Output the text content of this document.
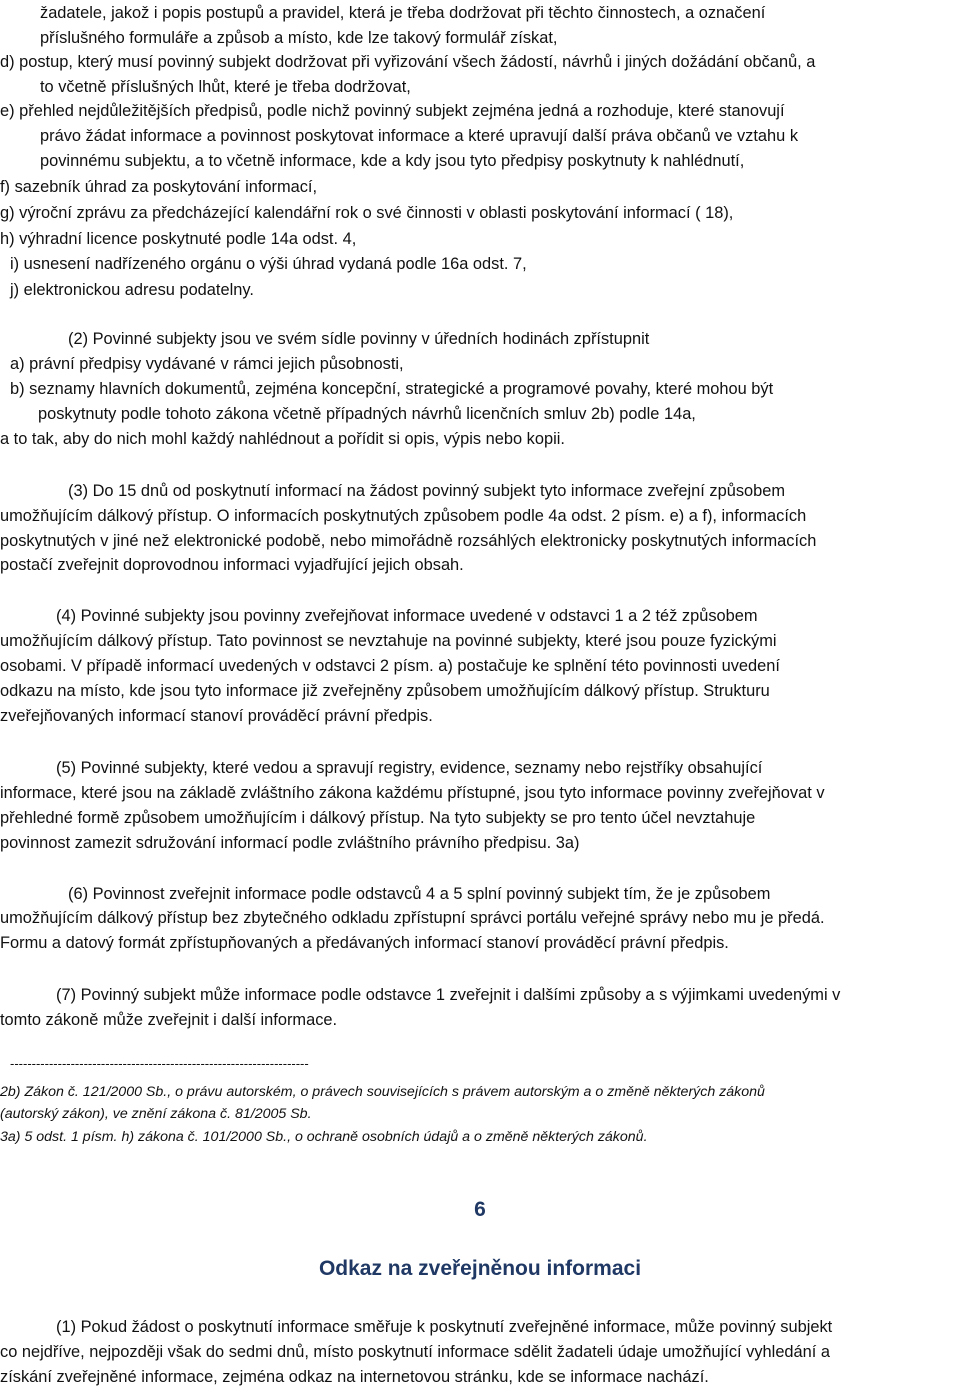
žadatele, jakož i popis postupů a pravidel, která je třeba dodržovat při těchto činnostech, a označení
příslušného formuláře a způsob a místo, kde lze takový formulář získat,
d) postup, který musí povinný subjekt dodržovat při vyřizování všech žádostí, návrhů i jiných dožádání občanů, a
to včetně příslušných lhůt, které je třeba dodržovat,
e) přehled nejdůležitějších předpisů, podle nichž povinný subjekt zejména jedná a rozhoduje, které stanovují
právo žádat informace a povinnost poskytovat informace a které upravují další práva občanů ve vztahu k
povinnému subjektu, a to včetně informace, kde a kdy jsou tyto předpisy poskytnuty k nahlédnutí,
f) sazebník úhrad za poskytování informací,
g) výroční zprávu za předcházející kalendářní rok o své činnosti v oblasti poskytování informací ( 18),
h) výhradní licence poskytnuté podle 14a odst. 4,
i) usnesení nadřízeného orgánu o výši úhrad vydaná podle 16a odst. 7,
j) elektronickou adresu podatelny.
(2) Povinné subjekty jsou ve svém sídle povinny v úředních hodinách zpřístupnit
a) právní předpisy vydávané v rámci jejich působnosti,
b) seznamy hlavních dokumentů, zejména koncepční, strategické a programové povahy, které mohou být
poskytnuty podle tohoto zákona včetně případných návrhů licenčních smluv 2b) podle 14a,
a to tak, aby do nich mohl každý nahlédnout a pořídit si opis, výpis nebo kopii.
(3) Do 15 dnů od poskytnutí informací na žádost povinný subjekt tyto informace zveřejní způsobem
umožňujícím dálkový přístup. O informacích poskytnutých způsobem podle 4a odst. 2 písm. e) a f), informacích
poskytnutých v jiné než elektronické podobě, nebo mimořádně rozsáhlých elektronicky poskytnutých informacích
postačí zveřejnit doprovodnou informaci vyjadřující jejich obsah.
(4) Povinné subjekty jsou povinny zveřejňovat informace uvedené v odstavci 1 a 2 též způsobem
umožňujícím dálkový přístup. Tato povinnost se nevztahuje na povinné subjekty, které jsou pouze fyzickými
osobami. V případě informací uvedených v odstavci 2 písm. a) postačuje ke splnění této povinnosti uvedení
odkazu na místo, kde jsou tyto informace již zveřejněny způsobem umožňujícím dálkový přístup. Strukturu
zveřejňovaných informací stanoví prováděcí právní předpis.
(5) Povinné subjekty, které vedou a spravují registry, evidence, seznamy nebo rejstříky obsahující
informace, které jsou na základě zvláštního zákona každému přístupné, jsou tyto informace povinny zveřejňovat v
přehledné formě způsobem umožňujícím i dálkový přístup. Na tyto subjekty se pro tento účel nevztahuje
povinnost zamezit sdružování informací podle zvláštního právního předpisu. 3a)
(6) Povinnost zveřejnit informace podle odstavců 4 a 5 splní povinný subjekt tím, že je způsobem
umožňujícím dálkový přístup bez zbytečného odkladu zpřístupní správci portálu veřejné správy nebo mu je předá.
Formu a datový formát zpřístupňovaných a předávaných informací stanoví prováděcí právní předpis.
(7) Povinný subjekt může informace podle odstavce 1 zveřejnit i dalšími způsoby a s výjimkami uvedenými v
tomto zákoně může zveřejnit i další informace.
---------------------------------------------------------------------
2b) Zákon č. 121/2000 Sb., o právu autorském, o právech souvisejících s právem autorským a o změně některých zákonů
(autorský zákon), ve znění zákona č. 81/2005 Sb.
3a) 5 odst. 1 písm. h) zákona č. 101/2000 Sb., o ochraně osobních údajů a o změně některých zákonů.
6
Odkaz na zveřejněnou informaci
(1) Pokud žádost o poskytnutí informace směřuje k poskytnutí zveřejněné informace, může povinný subjekt
co nejdříve, nejpozději však do sedmi dnů, místo poskytnutí informace sdělit žadateli údaje umožňující vyhledání a
získání zveřejněné informace, zejména odkaz na internetovou stránku, kde se informace nachází.
